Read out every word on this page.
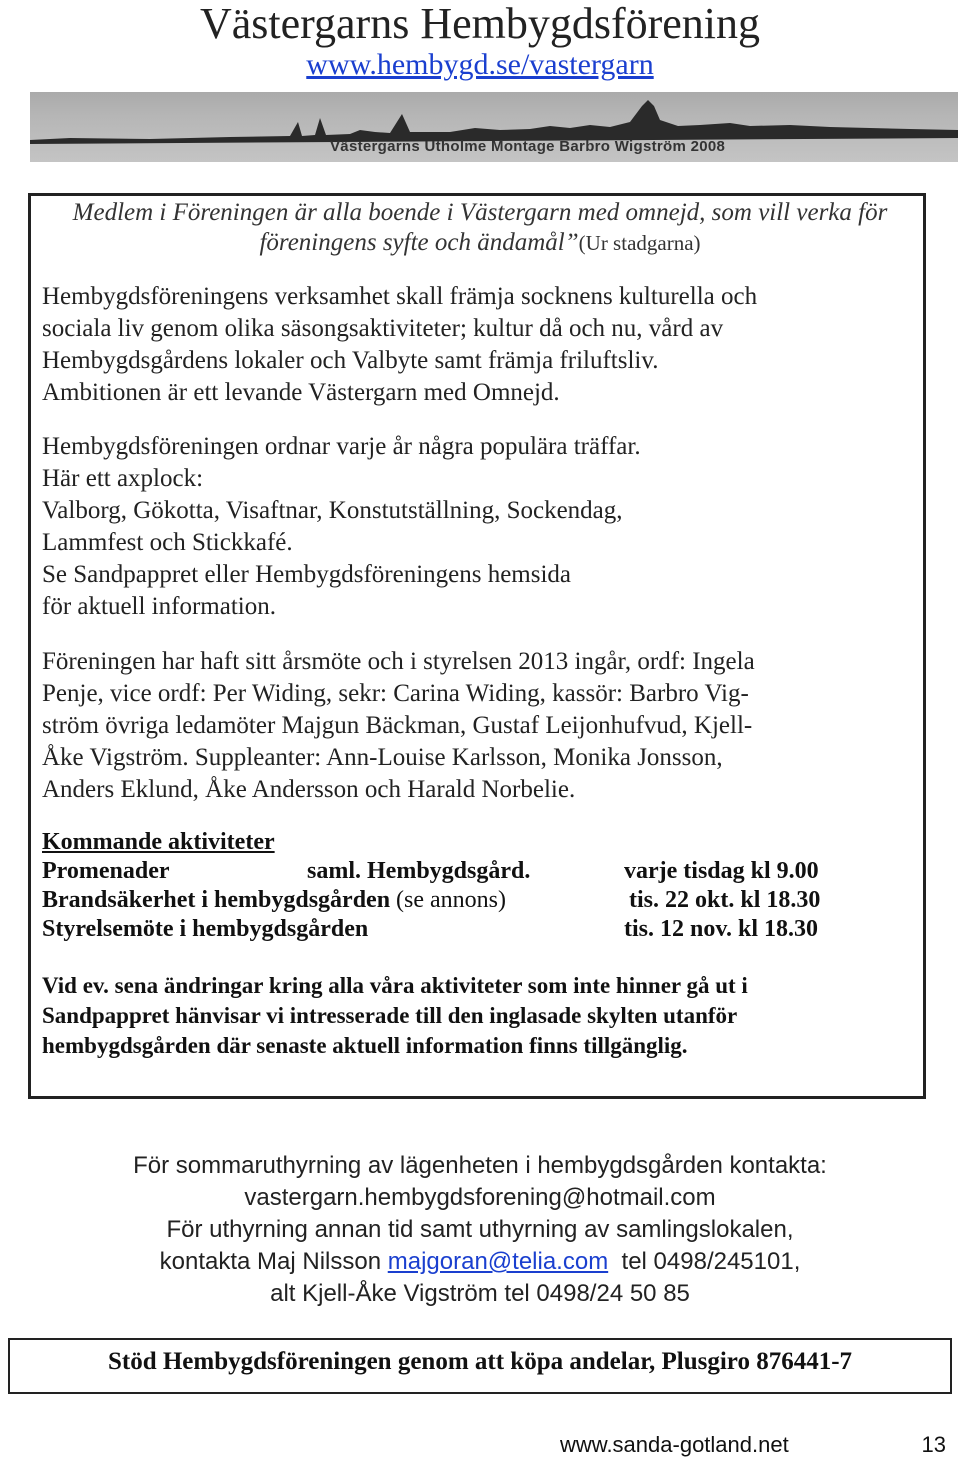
Västergarns Hembygdsförening
www.hembygd.se/vastergarn
Västergarns Utholme Montage Barbro Wigström 2008
Medlem i Föreningen är alla boende i Västergarn med omnejd, som vill verka för föreningens syfte och ändamål”(Ur stadgarna)
Hembygdsföreningens verksamhet skall främja socknens kulturella och
sociala liv genom olika säsongsaktiviteter; kultur då och nu, vård av
Hembygdsgårdens lokaler och Valbyte samt främja friluftsliv.
Ambitionen är ett levande Västergarn med Omnejd.
Hembygdsföreningen ordnar varje år några populära träffar.
Här ett axplock:
Valborg, Gökotta, Visaftnar, Konstutställning, Sockendag,
Lammfest och Stickkafé.
Se Sandpappret eller Hembygdsföreningens hemsida
för aktuell information.
Föreningen har haft sitt årsmöte och i styrelsen 2013 ingår, ordf: Ingela
Penje, vice ordf: Per Widing, sekr: Carina Widing, kassör: Barbro Vig-
ström övriga ledamöter Majgun Bäckman, Gustaf Leijonhufvud, Kjell-
Åke Vigström. Suppleanter: Ann-Louise Karlsson, Monika Jonsson,
Anders Eklund, Åke Andersson och Harald Norbelie.
Kommande aktiviteter
Promenader	saml. Hembygdsgård.	varje tisdag kl 9.00
Brandsäkerhet i hembygdsgården (se annons)	tis. 22 okt. kl 18.30
Styrelsemöte i hembygdsgården	tis. 12 nov. kl 18.30
Vid ev. sena ändringar kring alla våra aktiviteter som inte hinner gå ut i
Sandpappret hänvisar vi intresserade till den inglasade skylten utanför
hembygdsgården där senaste aktuell information finns tillgänglig.
För sommaruthyrning av lägenheten i hembygdsgården kontakta:
vastergarn.hembygdsforening@hotmail.com
För uthyrning annan tid samt uthyrning av samlingslokalen,
kontakta Maj Nilsson majgoran@telia.com tel 0498/245101,
alt Kjell-Åke Vigström tel 0498/24 50 85
Stöd Hembygdsföreningen genom att köpa andelar, Plusgiro 876441-7
www.sanda-gotland.net	13
